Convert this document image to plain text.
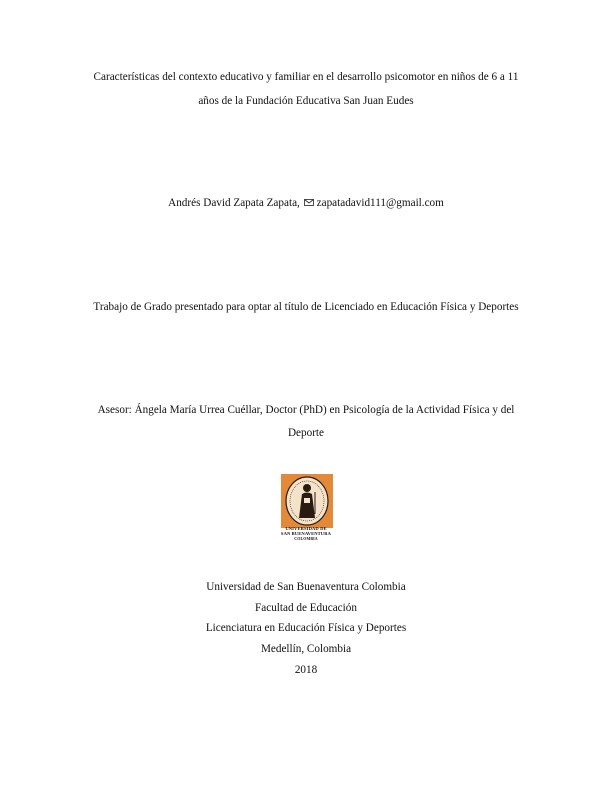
Características del contexto educativo y familiar en el desarrollo psicomotor en niños de 6 a 11
años de la Fundación Educativa San Juan Eudes
Andrés David Zapata Zapata, zapatadavid111@gmail.com
Trabajo de Grado presentado para optar al título de Licenciado en Educación Física y Deportes
Asesor: Ángela María Urrea Cuéllar, Doctor (PhD) en Psicología de la Actividad Física y del
Deporte
UNIVERSIDAD DE
SAN BUENAVENTURA
COLOMBIA
Universidad de San Buenaventura Colombia
Facultad de Educación
Licenciatura en Educación Física y Deportes
Medellín, Colombia
2018
